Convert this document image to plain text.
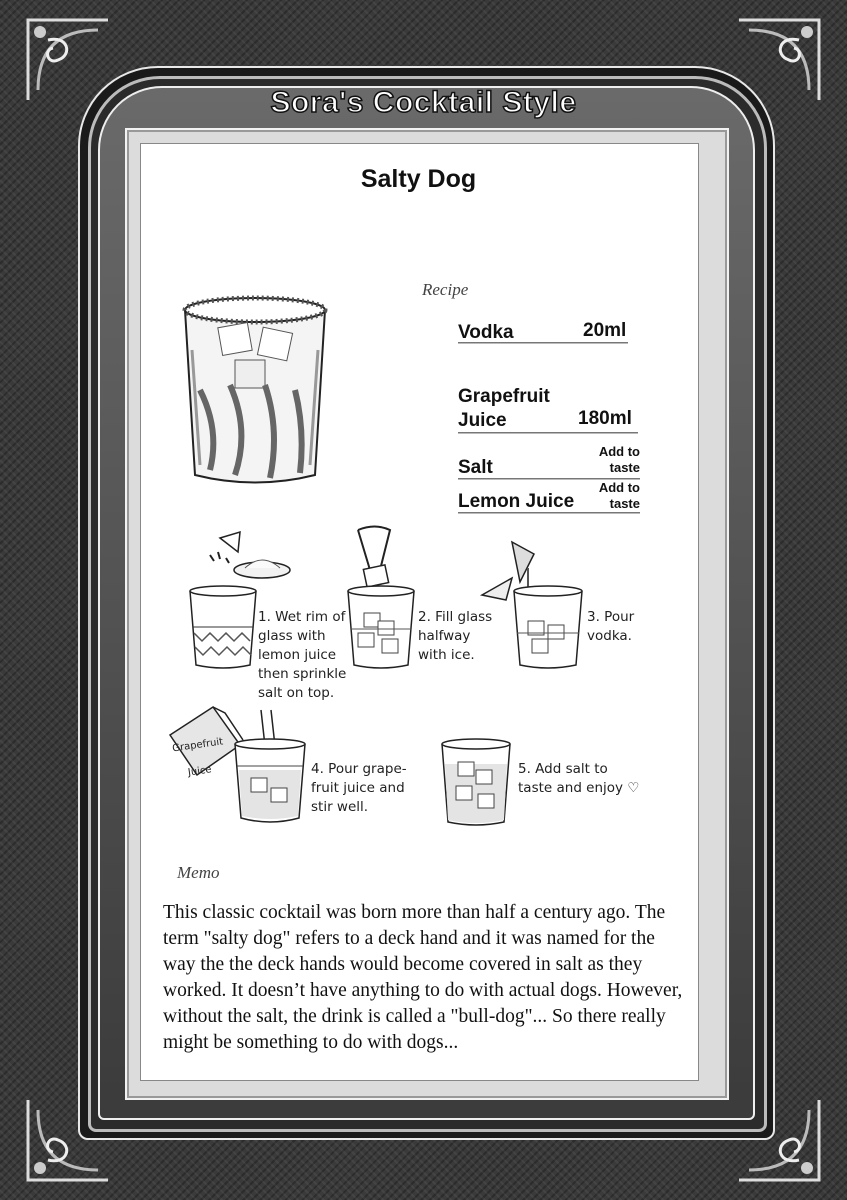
Sora's Cocktail Style
Salty Dog
Recipe
Vodka	20ml
Grapefruit
Juice	180ml
Salt
Add to
taste
Lemon Juice
Add to
taste
1. Wet rim of
glass with
lemon juice
then sprinkle
salt on top.
2. Fill glass
halfway
with ice.
3. Pour vodka.

Grapefruit

Juice	4. Pour grape-
fruit juice and
stir well.
5. Add salt to
taste and enjoy ♡
Memo
This classic cocktail was born more than half a century ago. The term "salty dog" refers to a deck hand and it was named for the way the the deck hands would become covered in salt as they worked. It doesn’t have anything to do with actual dogs. However, without the salt, the drink is called a "bull-dog"... So there really might be something to do with dogs...
